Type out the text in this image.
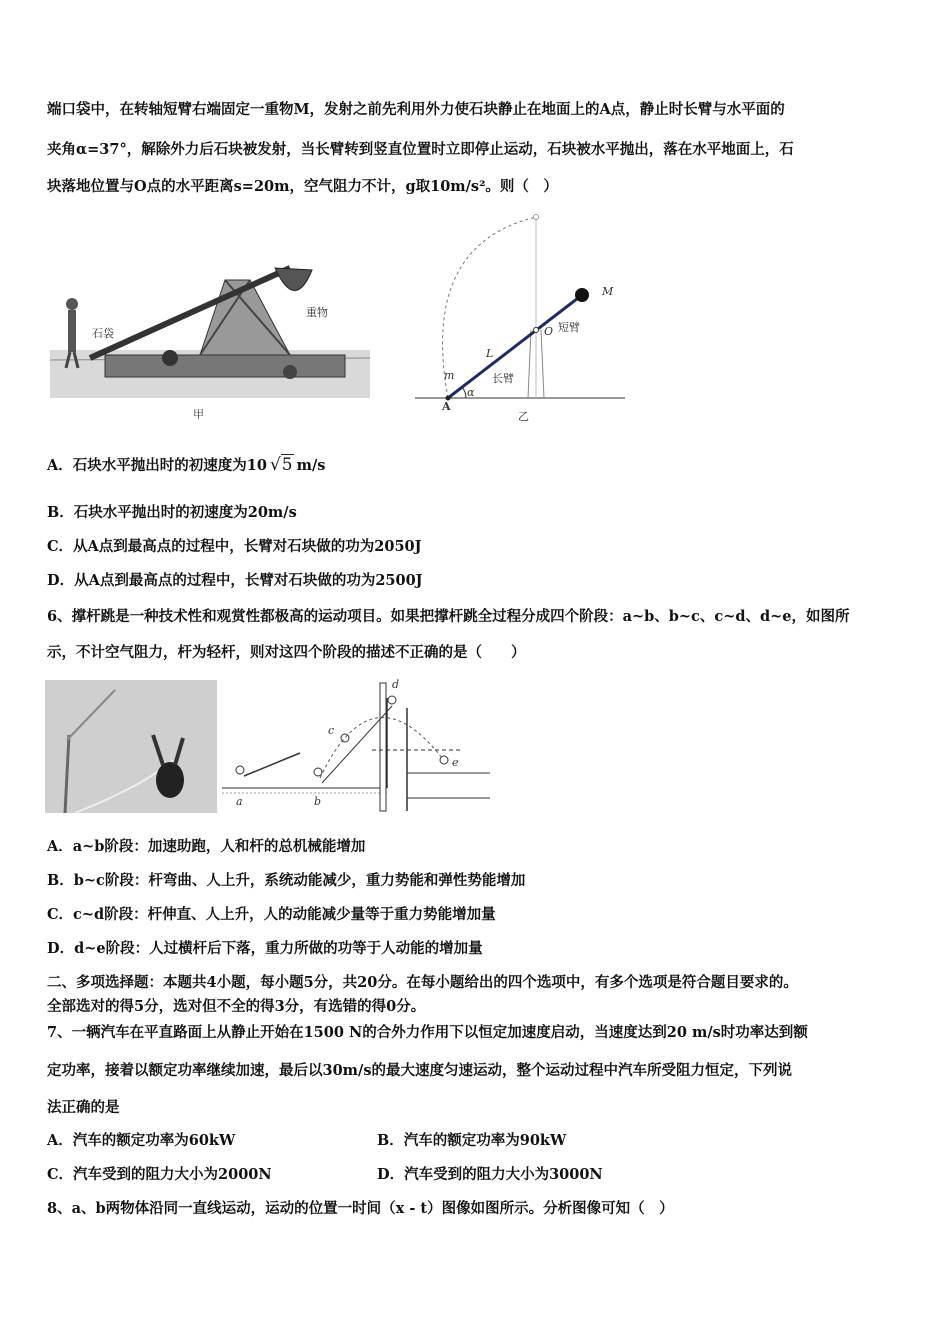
端口袋中，在转轴短臂右端固定一重物M，发射之前先利用外力使石块静止在地面上的A点，静止时长臂与水平面的
夹角α=37°，解除外力后石块被发射，当长臂转到竖直位置时立即停止运动，石块被水平抛出，落在水平地面上，石
块落地位置与O点的水平距离s=20m，空气阻力不计，g取10m/s²。则（　）
石袋
重物
甲
M
O 短臂
L
长臂
m
A
α
乙
A．石块水平抛出时的初速度为10 √5 m/s
B．石块水平抛出时的初速度为20m/s
C．从A点到最高点的过程中，长臂对石块做的功为2050J
D．从A点到最高点的过程中，长臂对石块做的功为2500J
6、撑杆跳是一种技术性和观赏性都极高的运动项目。如果把撑杆跳全过程分成四个阶段：a~b、b~c、c~d、d~e，如图所
示，不计空气阻力，杆为轻杆，则对这四个阶段的描述不正确的是（　　）
a	b
c
d
e
A．a~b阶段：加速助跑，人和杆的总机械能增加
B．b~c阶段：杆弯曲、人上升，系统动能减少，重力势能和弹性势能增加
C．c~d阶段：杆伸直、人上升，人的动能减少量等于重力势能增加量
D．d~e阶段：人过横杆后下落，重力所做的功等于人动能的增加量
二、多项选择题：本题共4小题，每小题5分，共20分。在每小题给出的四个选项中，有多个选项是符合题目要求的。
全部选对的得5分，选对但不全的得3分，有选错的得0分。
7、一辆汽车在平直路面上从静止开始在1500 N的合外力作用下以恒定加速度启动，当速度达到20 m/s时功率达到额
定功率，接着以额定功率继续加速，最后以30m/s的最大速度匀速运动，整个运动过程中汽车所受阻力恒定，下列说
法正确的是
A．汽车的额定功率为60kW	B．汽车的额定功率为90kW
C．汽车受到的阻力大小为2000N	D．汽车受到的阻力大小为3000N
8、a、b两物体沿同一直线运动，运动的位置一时间（x - t）图像如图所示。分析图像可知（　）
